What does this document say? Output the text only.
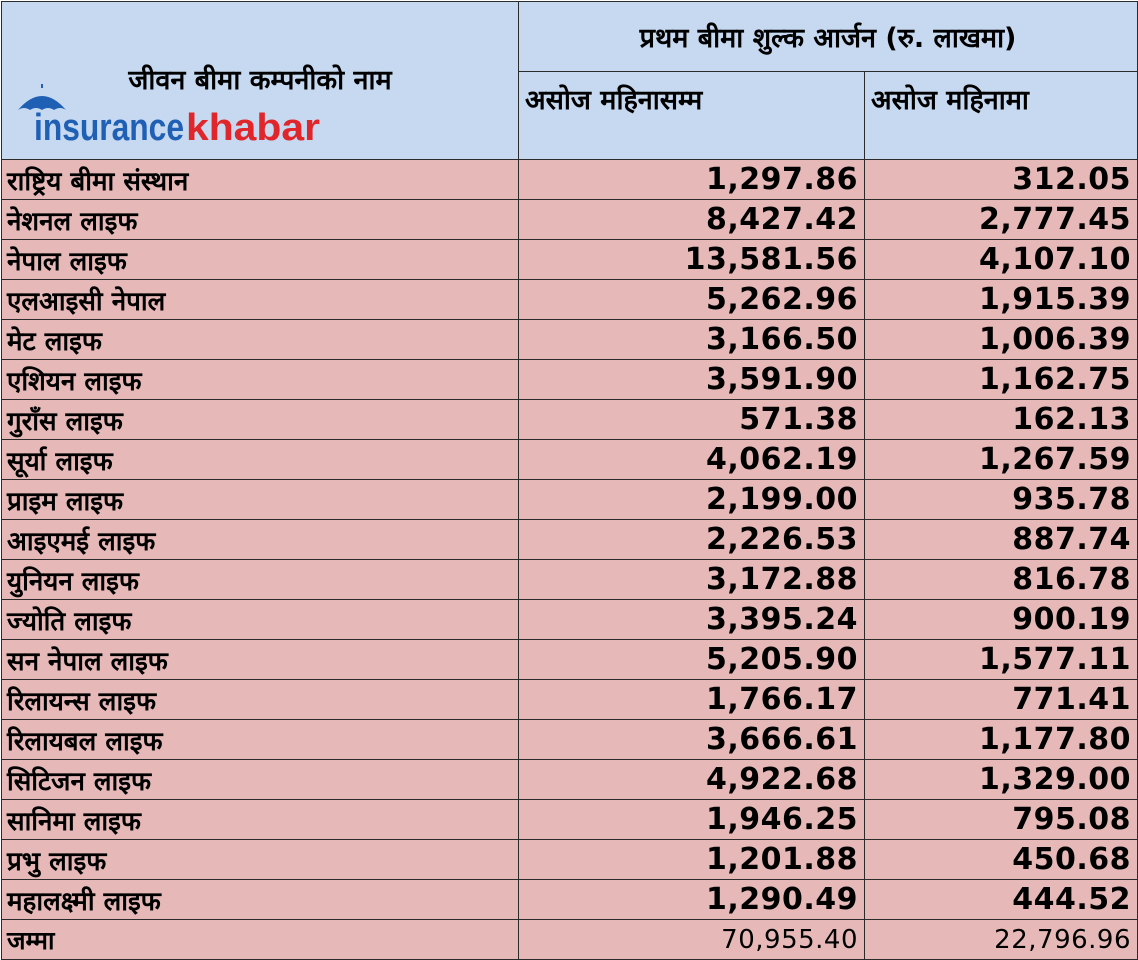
जीवन बीमा कम्पनीको नाम
insurance khabar	प्रथम बीमा शुल्क आर्जन (रु. लाखमा)	
	असोज महिनासम्म	असोज महिनामा
राष्ट्रिय बीमा संस्थान	1,297.86	312.05
नेशनल लाइफ	8,427.42	2,777.45
नेपाल लाइफ	13,581.56	4,107.10
एलआइसी नेपाल	5,262.96	1,915.39
मेट लाइफ	3,166.50	1,006.39
एशियन लाइफ	3,591.90	1,162.75
गुराँस लाइफ	571.38	162.13
सूर्या लाइफ	4,062.19	1,267.59
प्राइम लाइफ	2,199.00	935.78
आइएमई लाइफ	2,226.53	887.74
युनियन लाइफ	3,172.88	816.78
ज्योति लाइफ	3,395.24	900.19
सन नेपाल लाइफ	5,205.90	1,577.11
रिलायन्स लाइफ	1,766.17	771.41
रिलायबल लाइफ	3,666.61	1,177.80
सिटिजन लाइफ	4,922.68	1,329.00
सानिमा लाइफ	1,946.25	795.08
प्रभु लाइफ	1,201.88	450.68
महालक्ष्मी लाइफ	1,290.49	444.52
जम्मा	70,955.40	22,796.96
